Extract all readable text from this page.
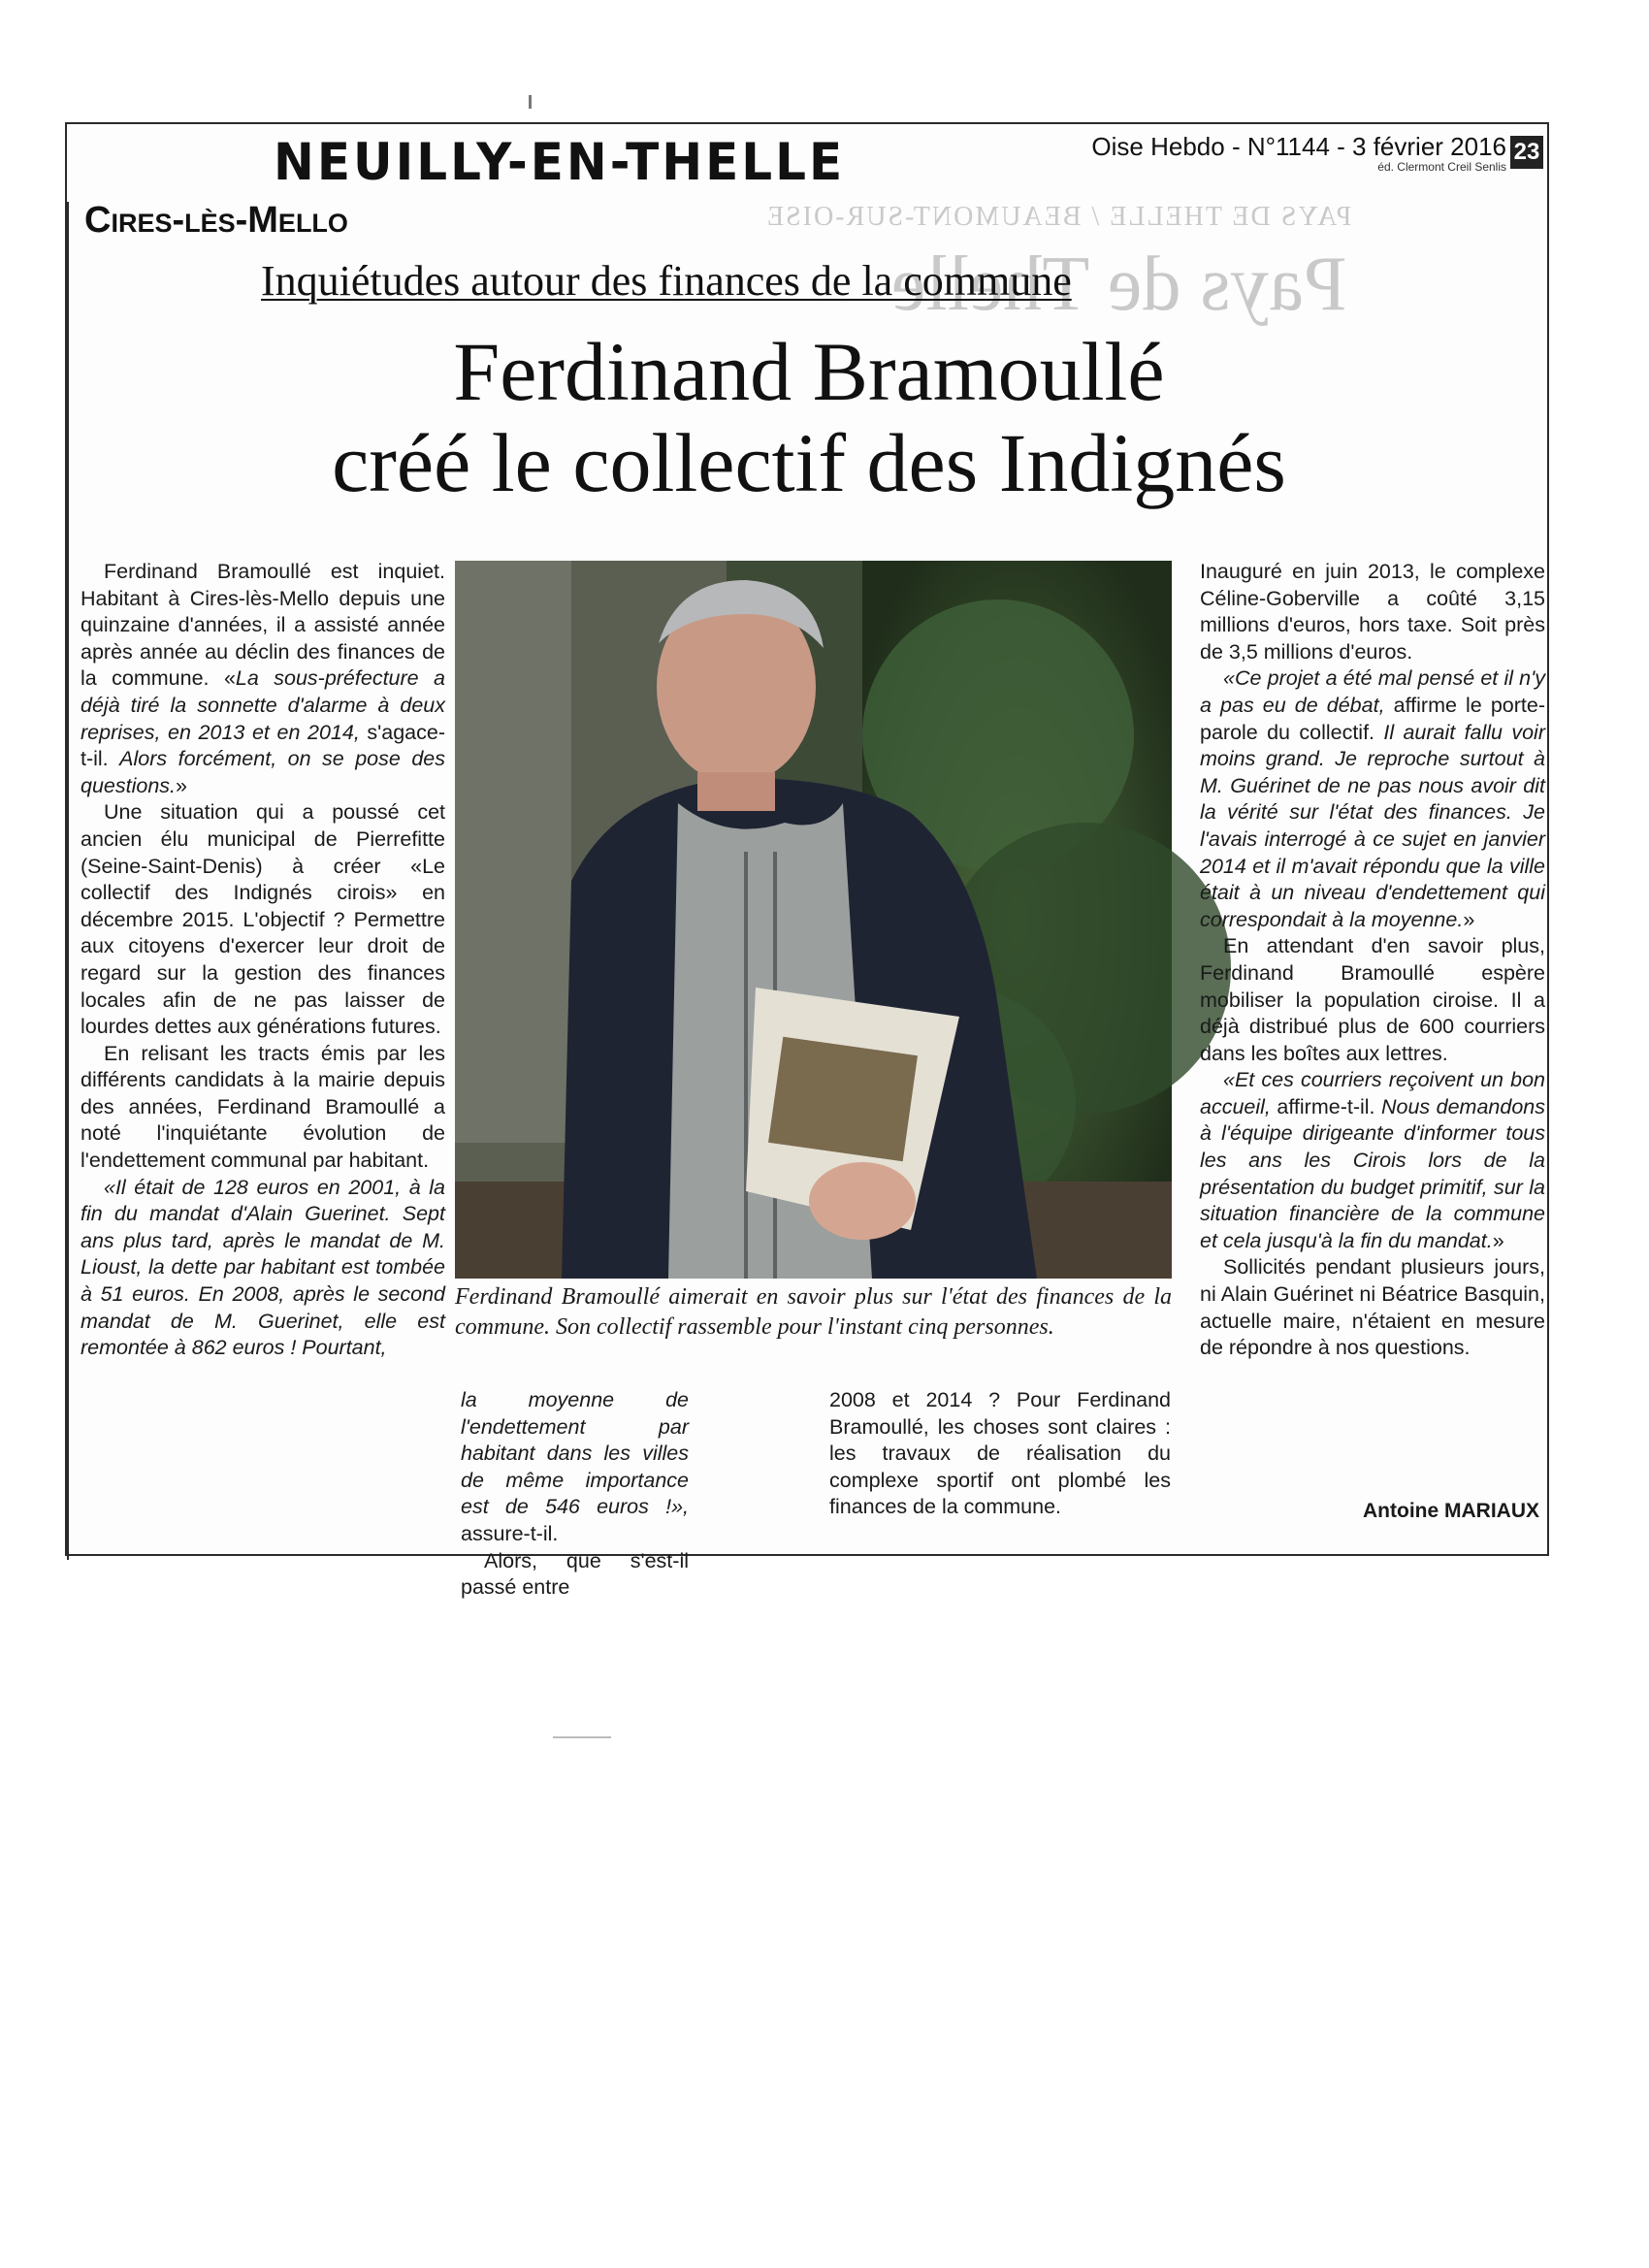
PAYS DE THELLE / BEAUMONT-SUR-OISE
Pays de Thelle
NEUILLY-EN-THELLE
Cires-lès-Mello
Oise Hebdo - N°1144 - 3 février 2016
éd. Clermont Creil Senlis
23
Inquiétudes autour des finances de la commune
Ferdinand Bramoullé
créé le collectif des Indignés

Ferdinand Bramoullé est inquiet. Habitant à Cires-lès-Mello depuis une quinzaine d'années, il a assisté année après année au déclin des finances de la commune. «La sous-préfecture a déjà tiré la sonnette d'alarme à deux reprises, en 2013 et en 2014, s'agace-t-il. Alors forcément, on se pose des questions.»

Une situation qui a poussé cet ancien élu municipal de Pierrefitte (Seine-Saint-Denis) à créer «Le collectif des Indignés cirois» en décembre 2015. L'objectif ? Permettre aux citoyens d'exercer leur droit de regard sur la gestion des finances locales afin de ne pas laisser de lourdes dettes aux générations futures.

En relisant les tracts émis par les différents candidats à la mairie depuis des années, Ferdinand Bramoullé a noté l'inquiétante évolution de l'endettement communal par habitant.

«Il était de 128 euros en 2001, à la fin du mandat d'Alain Guerinet. Sept ans plus tard, après le mandat de M. Lioust, la dette par habitant est tombée à 51 euros. En 2008, après le second mandat de M. Guerinet, elle est remontée à 862 euros ! Pourtant,

Ferdinand Bramoullé aimerait en savoir plus sur l'état des finances de la commune. Son collectif rassemble pour l'instant cinq personnes.

la moyenne de l'endettement par habitant dans les villes de même importance est de 546 euros !», assure-t-il.

Alors, que s'est-il passé entre

2008 et 2014 ? Pour Ferdinand Bramoullé, les choses sont claires : les travaux de réalisation du complexe sportif ont plombé les finances de la commune.

Inauguré en juin 2013, le complexe Céline-Goberville a coûté 3,15 millions d'euros, hors taxe. Soit près de 3,5 millions d'euros.

«Ce projet a été mal pensé et il n'y a pas eu de débat, affirme le porte-parole du collectif. Il aurait fallu voir moins grand. Je reproche surtout à M. Guérinet de ne pas nous avoir dit la vérité sur l'état des finances. Je l'avais interrogé à ce sujet en janvier 2014 et il m'avait répondu que la ville était à un niveau d'endettement qui correspondait à la moyenne.»

En attendant d'en savoir plus, Ferdinand Bramoullé espère mobiliser la population ciroise. Il a déjà distribué plus de 600 courriers dans les boîtes aux lettres.

«Et ces courriers reçoivent un bon accueil, affirme-t-il. Nous demandons à l'équipe dirigeante d'informer tous les ans les Cirois lors de la présentation du budget primitif, sur la situation financière de la commune et cela jusqu'à la fin du mandat.»

Sollicités pendant plusieurs jours, ni Alain Guérinet ni Béatrice Basquin, actuelle maire, n'étaient en mesure de répondre à nos questions.

Antoine MARIAUX
